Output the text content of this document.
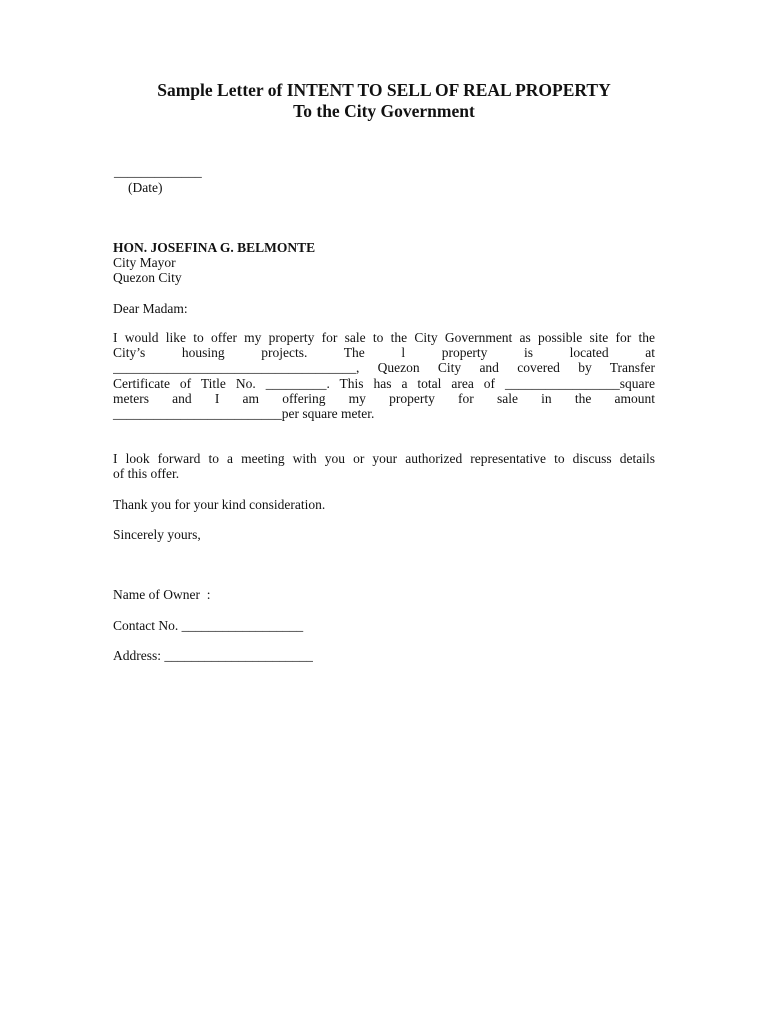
Sample Letter of INTENT TO SELL OF REAL PROPERTY
To the City Government

_____________

(Date)

HON. JOSEFINA G. BELMONTE

City Mayor

Quezon City

Dear Madam:

I would like to offer my property for sale to the City Government as possible site for the
City’s housing projects. The l property is located at
____________________________________, Quezon City and covered by Transfer
Certificate of Title No. _________. This has a total area of _________________square
meters and I am offering my property for sale in the amount

_________________________per square meter.

I look forward to a meeting with you or your authorized representative to discuss details

of this offer.

Thank you for your kind consideration.

Sincerely yours,

Name of Owner  :

Contact No. __________________

Address: ______________________
